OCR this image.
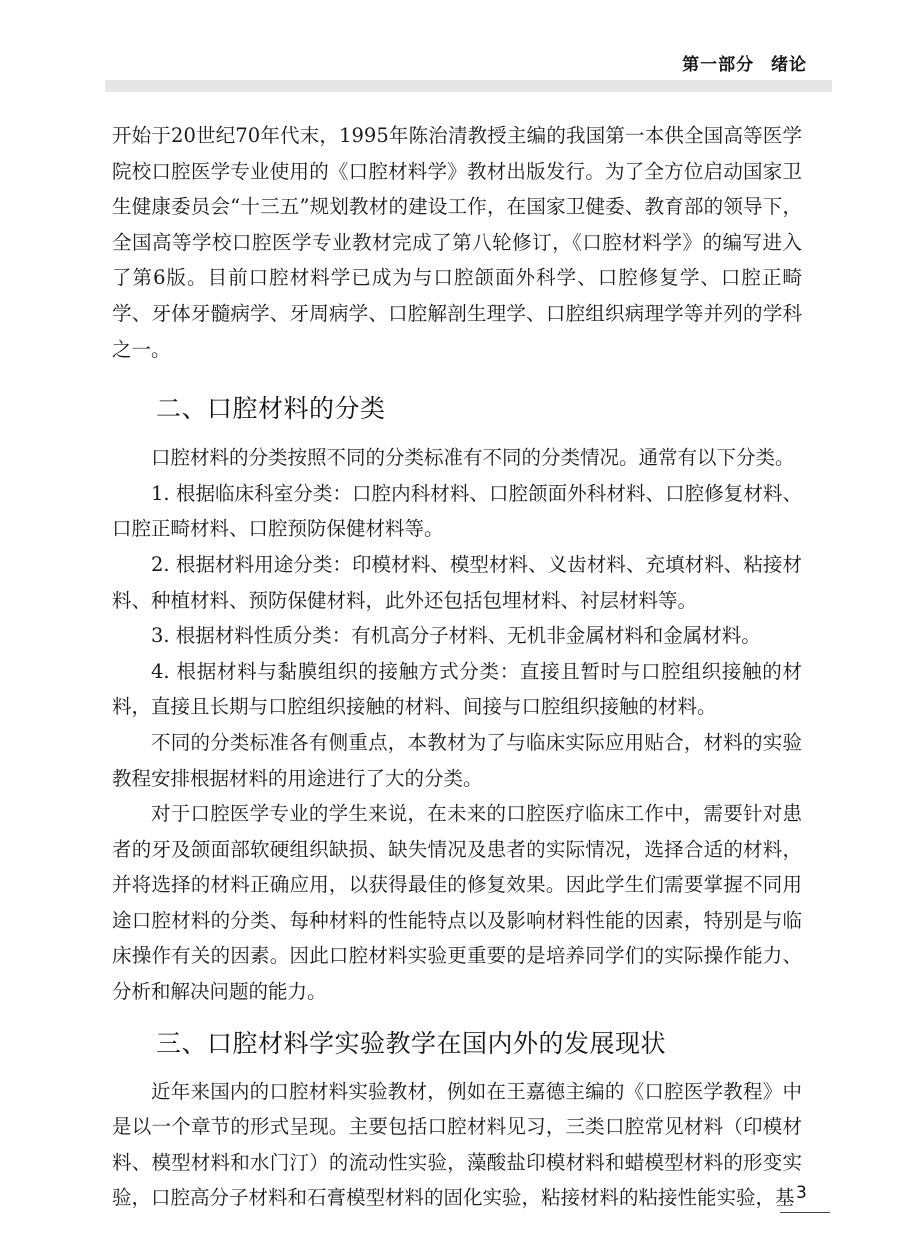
第一部分 绪论

开始于20世纪70年代末，1995年陈治清教授主编的我国第一本供全国高等医学院校口腔医学专业使用的《口腔材料学》教材出版发行。为了全方位启动国家卫生健康委员会“十三五”规划教材的建设工作，在国家卫健委、教育部的领导下，全国高等学校口腔医学专业教材完成了第八轮修订，《口腔材料学》的编写进入了第6版。目前口腔材料学已成为与口腔颌面外科学、口腔修复学、口腔正畸学、牙体牙髓病学、牙周病学、口腔解剖生理学、口腔组织病理学等并列的学科之一。

二、口腔材料的分类

口腔材料的分类按照不同的分类标准有不同的分类情况。通常有以下分类。

1. 根据临床科室分类：口腔内科材料、口腔颌面外科材料、口腔修复材料、口腔正畸材料、口腔预防保健材料等。

2. 根据材料用途分类：印模材料、模型材料、义齿材料、充填材料、粘接材料、种植材料、预防保健材料，此外还包括包埋材料、衬层材料等。

3. 根据材料性质分类：有机高分子材料、无机非金属材料和金属材料。

4. 根据材料与黏膜组织的接触方式分类：直接且暂时与口腔组织接触的材料，直接且长期与口腔组织接触的材料、间接与口腔组织接触的材料。

不同的分类标准各有侧重点，本教材为了与临床实际应用贴合，材料的实验教程安排根据材料的用途进行了大的分类。

对于口腔医学专业的学生来说，在未来的口腔医疗临床工作中，需要针对患者的牙及颌面部软硬组织缺损、缺失情况及患者的实际情况，选择合适的材料，并将选择的材料正确应用，以获得最佳的修复效果。因此学生们需要掌握不同用途口腔材料的分类、每种材料的性能特点以及影响材料性能的因素，特别是与临床操作有关的因素。因此口腔材料实验更重要的是培养同学们的实际操作能力、分析和解决问题的能力。

三、口腔材料学实验教学在国内外的发展现状

近年来国内的口腔材料实验教材，例如在王嘉德主编的《口腔医学教程》中是以一个章节的形式呈现。主要包括口腔材料见习，三类口腔常见材料（印模材料、模型材料和水门汀）的流动性实验，藻酸盐印模材料和蜡模型材料的形变实验，口腔高分子材料和石膏模型材料的固化实验，粘接材料的粘接性能实验，基 3
